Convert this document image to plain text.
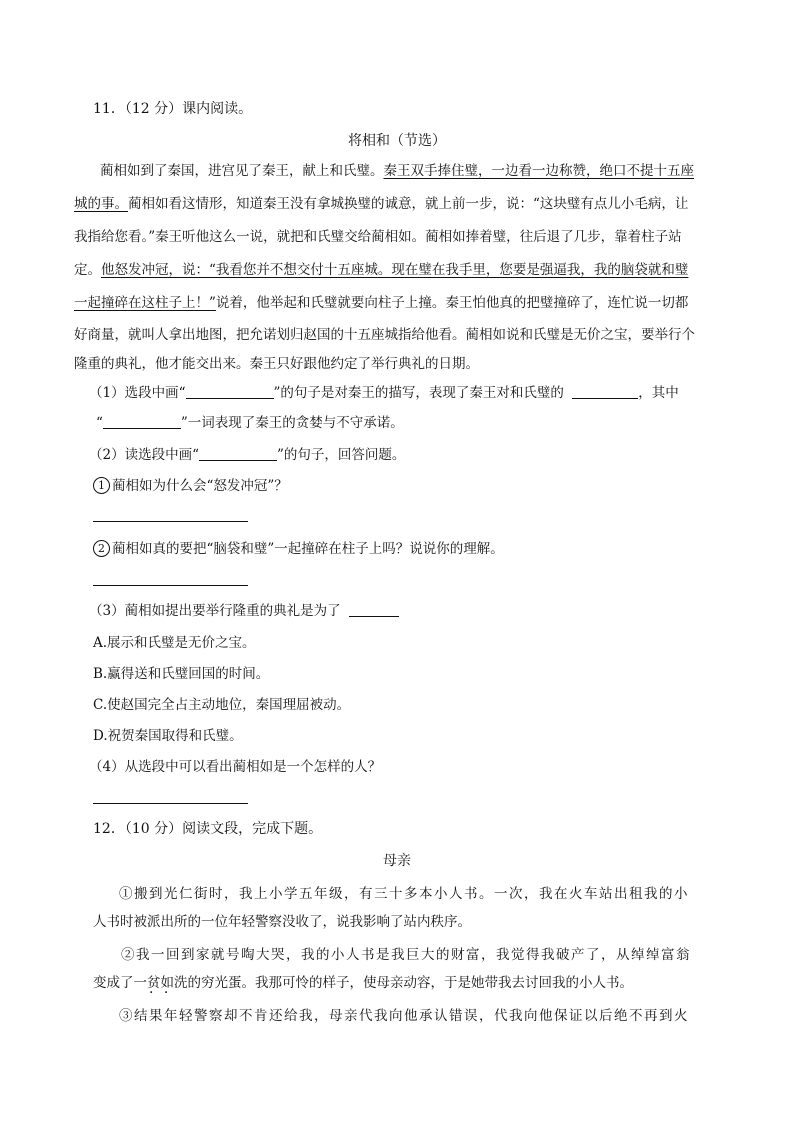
11．（12 分）课内阅读。
将相和（节选）
蔺相如到了秦国，进宫见了秦王，献上和氏璧。秦王双手捧住璧，一边看一边称赞，绝口不提十五座
城的事。蔺相如看这情形，知道秦王没有拿城换璧的诚意，就上前一步，说：“这块璧有点儿小毛病，让
我指给您看。”秦王听他这么一说，就把和氏璧交给蔺相如。蔺相如捧着璧，往后退了几步，靠着柱子站
定。他怒发冲冠，说：“我看您并不想交付十五座城。现在璧在我手里，您要是强逼我，我的脑袋就和璧
一起撞碎在这柱子上！”说着，他举起和氏璧就要向柱子上撞。秦王怕他真的把璧撞碎了，连忙说一切都
好商量，就叫人拿出地图，把允诺划归赵国的十五座城指给他看。蔺相如说和氏璧是无价之宝，要举行个
隆重的典礼，他才能交出来。秦王只好跟他约定了举行典礼的日期。
（1）选段中画“	”的句子是对秦王的描写，表现了秦王对和氏璧的	，其中
“	”一词表现了秦王的贪婪与不守承诺。
（2）读选段中画“	”的句子，回答问题。
1 蔺相如为什么会“怒发冲冠”？
2 蔺相如真的要把“脑袋和璧”一起撞碎在柱子上吗？说说你的理解。
（3）蔺相如提出要举行隆重的典礼是为了
A.展示和氏璧是无价之宝。
B.赢得送和氏璧回国的时间。
C.使赵国完全占主动地位，秦国理屈被动。
D.祝贺秦国取得和氏璧。
（4）从选段中可以看出蔺相如是一个怎样的人？
12．（10 分）阅读文段，完成下题。
母亲
①搬到光仁街时，我上小学五年级，有三十多本小人书。一次，我在火车站出租我的小
人书时被派出所的一位年轻警察没收了，说我影响了站内秩序。
②我一回到家就号啕大哭，我的小人书是我巨大的财富，我觉得我破产了，从绰绰富翁
变成了一贫如 · ·洗的穷光蛋。我那可怜的样子，使母亲动容，于是她带我去讨回我的小人书。
③结果年轻警察却不肯还给我，母亲代我向他承认错误，代我向他保证以后绝不再到火
